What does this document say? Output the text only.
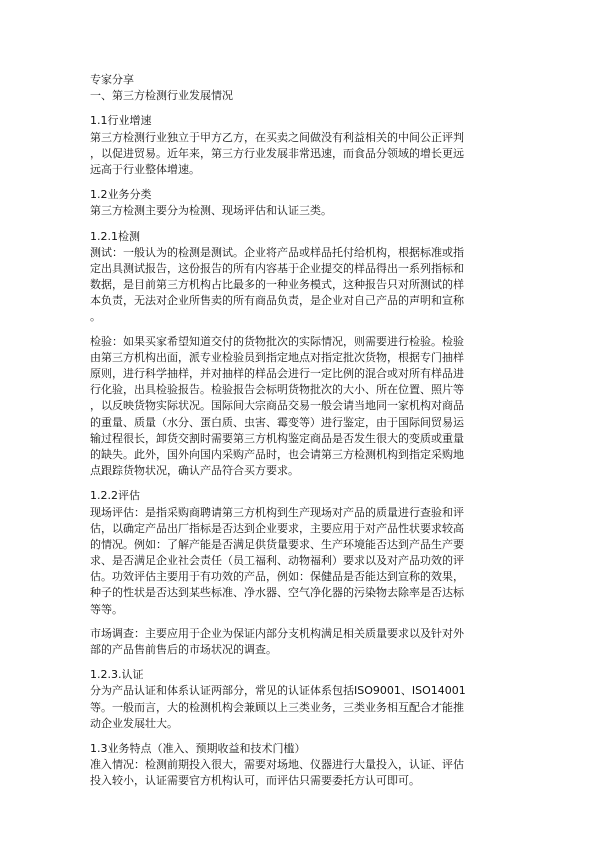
专家分享
一、第三方检测行业发展情况
1.1行业增速
第三方检测行业独立于甲方乙方，在买卖之间做没有利益相关的中间公正评判
，以促进贸易。近年来，第三方行业发展非常迅速，而食品分领域的增长更远
远高于行业整体增速。
1.2业务分类
第三方检测主要分为检测、现场评估和认证三类。
1.2.1检测
测试：一般认为的检测是测试。企业将产品或样品托付给机构，根据标准或指
定出具测试报告，这份报告的所有内容基于企业提交的样品得出一系列指标和
数据，是目前第三方机构占比最多的一种业务模式，这种报告只对所测试的样
本负责，无法对企业所售卖的所有商品负责，是企业对自己产品的声明和宣称
。
检验：如果买家希望知道交付的货物批次的实际情况，则需要进行检验。检验
由第三方机构出面，派专业检验员到指定地点对指定批次货物，根据专门抽样
原则，进行科学抽样，并对抽样的样品会进行一定比例的混合或对所有样品进
行化验，出具检验报告。检验报告会标明货物批次的大小、所在位置、照片等
，以反映货物实际状况。国际间大宗商品交易一般会请当地同一家机构对商品
的重量、质量（水分、蛋白质、虫害、霉变等）进行鉴定，由于国际间贸易运
输过程很长，卸货交割时需要第三方机构鉴定商品是否发生很大的变质或重量
的缺失。此外，国外向国内采购产品时，也会请第三方检测机构到指定采购地
点跟踪货物状况，确认产品符合买方要求。
1.2.2评估
现场评估：是指采购商聘请第三方机构到生产现场对产品的质量进行查验和评
估，以确定产品出厂指标是否达到企业要求，主要应用于对产品性状要求较高
的情况。例如：了解产能是否满足供货量要求、生产环境能否达到产品生产要
求、是否满足企业社会责任（员工福利、动物福利）要求以及对产品功效的评
估。功效评估主要用于有功效的产品，例如：保健品是否能达到宣称的效果，
种子的性状是否达到某些标准、净水器、空气净化器的污染物去除率是否达标
等等。
市场调查：主要应用于企业为保证内部分支机构满足相关质量要求以及针对外
部的产品售前售后的市场状况的调查。
1.2.3.认证
分为产品认证和体系认证两部分，常见的认证体系包括ISO9001、ISO14001
等。一般而言，大的检测机构会兼顾以上三类业务，三类业务相互配合才能推
动企业发展壮大。
1.3业务特点（准入、预期收益和技术门槛）
准入情况：检测前期投入很大，需要对场地、仪器进行大量投入，认证、评估
投入较小，认证需要官方机构认可，而评估只需要委托方认可即可。
